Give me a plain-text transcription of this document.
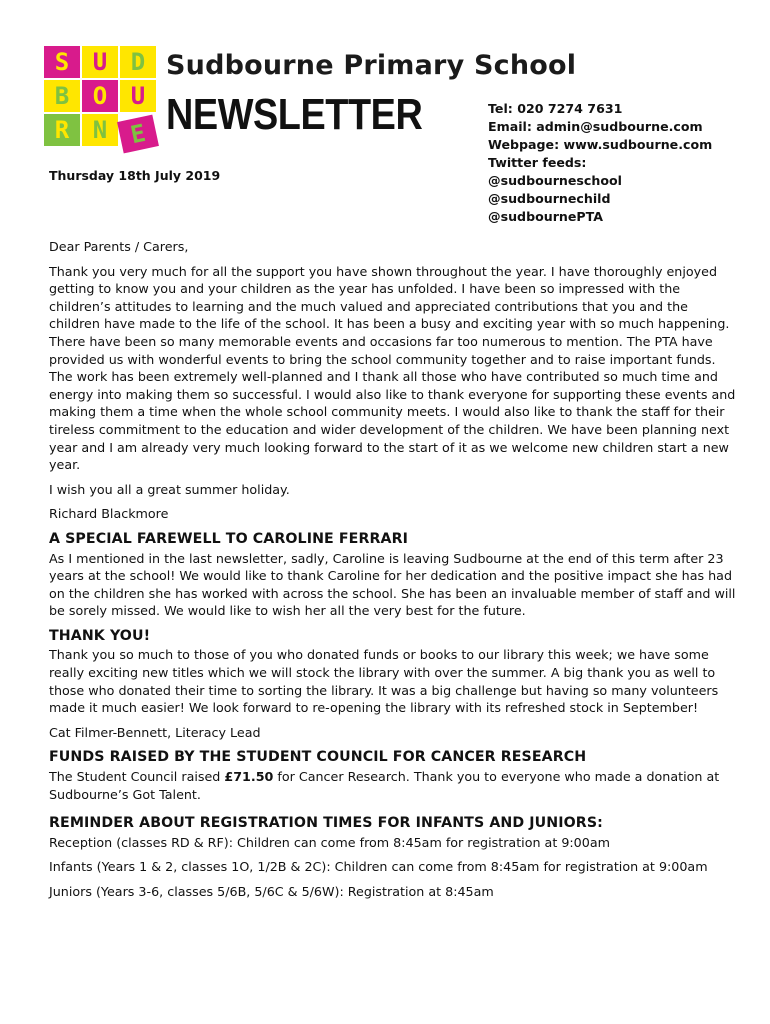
S U D
B O U
R N E
Sudbourne Primary School
NEWSLETTER
Thursday 18th July 2019
Tel: 020 7274 7631
Email: admin@sudbourne.com
Webpage: www.sudbourne.com
Twitter feeds:
@sudbourneschool
@sudbournechild
@sudbournePTA

Dear Parents / Carers,

Thank you very much for all the support you have shown throughout the year. I have thoroughly enjoyed getting to know you and your children as the year has unfolded. I have been so impressed with the children’s attitudes to learning and the much valued and appreciated contributions that you and the children have made to the life of the school. It has been a busy and exciting year with so much happening. There have been so many memorable events and occasions far too numerous to mention. The PTA have provided us with wonderful events to bring the school community together and to raise important funds. The work has been extremely well-planned and I thank all those who have contributed so much time and energy into making them so successful. I would also like to thank everyone for supporting these events and making them a time when the whole school community meets. I would also like to thank the staff for their tireless commitment to the education and wider development of the children. We have been planning next year and I am already very much looking forward to the start of it as we welcome new children start a new year.

I wish you all a great summer holiday.

Richard Blackmore

A SPECIAL FAREWELL TO CAROLINE FERRARI

As I mentioned in the last newsletter, sadly, Caroline is leaving Sudbourne at the end of this term after 23 years at the school! We would like to thank Caroline for her dedication and the positive impact she has had on the children she has worked with across the school. She has been an invaluable member of staff and will be sorely missed. We would like to wish her all the very best for the future.

THANK YOU!

Thank you so much to those of you who donated funds or books to our library this week; we have some really exciting new titles which we will stock the library with over the summer. A big thank you as well to those who donated their time to sorting the library. It was a big challenge but having so many volunteers made it much easier! We look forward to re-opening the library with its refreshed stock in September!

Cat Filmer-Bennett, Literacy Lead

FUNDS RAISED BY THE STUDENT COUNCIL FOR CANCER RESEARCH

The Student Council raised £71.50 for Cancer Research. Thank you to everyone who made a donation at Sudbourne’s Got Talent.

REMINDER ABOUT REGISTRATION TIMES FOR INFANTS AND JUNIORS:

Reception (classes RD & RF): Children can come from 8:45am for registration at 9:00am

Infants (Years 1 & 2, classes 1O, 1/2B & 2C): Children can come from 8:45am for registration at 9:00am

Juniors (Years 3-6, classes 5/6B, 5/6C & 5/6W): Registration at 8:45am
